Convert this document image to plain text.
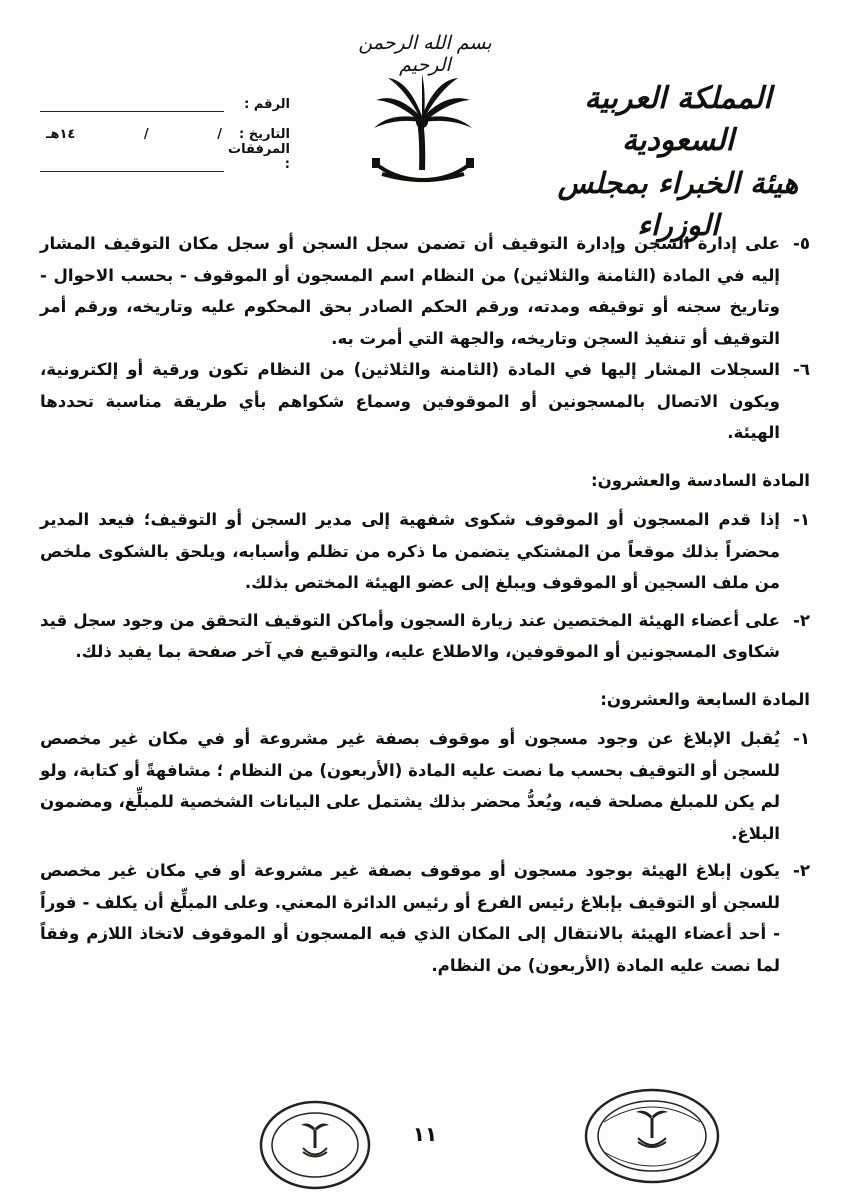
بسم الله الرحمن الرحيم
المملكة العربية السعودية
هيئة الخبراء بمجلس الوزراء
الرقم :
التاريخ :
/
/
١٤هـ
المرفقات :
٥-
على إدارة السجن وإدارة التوقيف أن تضمن سجل السجن أو سجل مكان التوقيف المشار إليه في المادة (الثامنة والثلاثين) من النظام اسم المسجون أو الموقوف - بحسب الاحوال - وتاريخ سجنه أو توقيفه ومدته، ورقم الحكم الصادر بحق المحكوم عليه وتاريخه، ورقم أمر التوقيف أو تنفيذ السجن وتاريخه، والجهة التي أمرت به.
٦-
السجلات المشار إليها في المادة (الثامنة والثلاثين) من النظام تكون ورقية أو إلكترونية، ويكون الاتصال بالمسجونين أو الموقوفين وسماع شكواهم بأي طريقة مناسبة تحددها الهيئة.
المادة السادسة والعشرون:
١-
إذا قدم المسجون أو الموقوف شكوى شفهية إلى مدير السجن أو التوقيف؛ فيعد المدير محضراً بذلك موقعاً من المشتكي يتضمن ما ذكره من تظلم وأسبابه، ويلحق بالشكوى ملخص من ملف السجين أو الموقوف ويبلغ إلى عضو الهيئة المختص بذلك.
٢-
على أعضاء الهيئة المختصين عند زيارة السجون وأماكن التوقيف التحقق من وجود سجل قيد شكاوى المسجونين أو الموقوفين، والاطلاع عليه، والتوقيع في آخر صفحة بما يفيد ذلك.
المادة السابعة والعشرون:
١-
يُقبل الإبلاغ عن وجود مسجون أو موقوف بصفة غير مشروعة أو في مكان غير مخصص للسجن أو التوقيف بحسب ما نصت عليه المادة (الأربعون) من النظام ؛ مشافهةً أو كتابة، ولو لم يكن للمبلغ مصلحة فيه، ويُعدُّ محضر بذلك يشتمل على البيانات الشخصية للمبلِّغ، ومضمون البلاغ.
٢-
يكون إبلاغ الهيئة بوجود مسجون أو موقوف بصفة غير مشروعة أو في مكان غير مخصص للسجن أو التوقيف بإبلاغ رئيس الفرع أو رئيس الدائرة المعني. وعلى المبلِّغ أن يكلف - فوراً - أحد أعضاء الهيئة بالانتقال إلى المكان الذي فيه المسجون أو الموقوف لاتخاذ اللازم وفقاً لما نصت عليه المادة (الأربعون) من النظام.
١١
